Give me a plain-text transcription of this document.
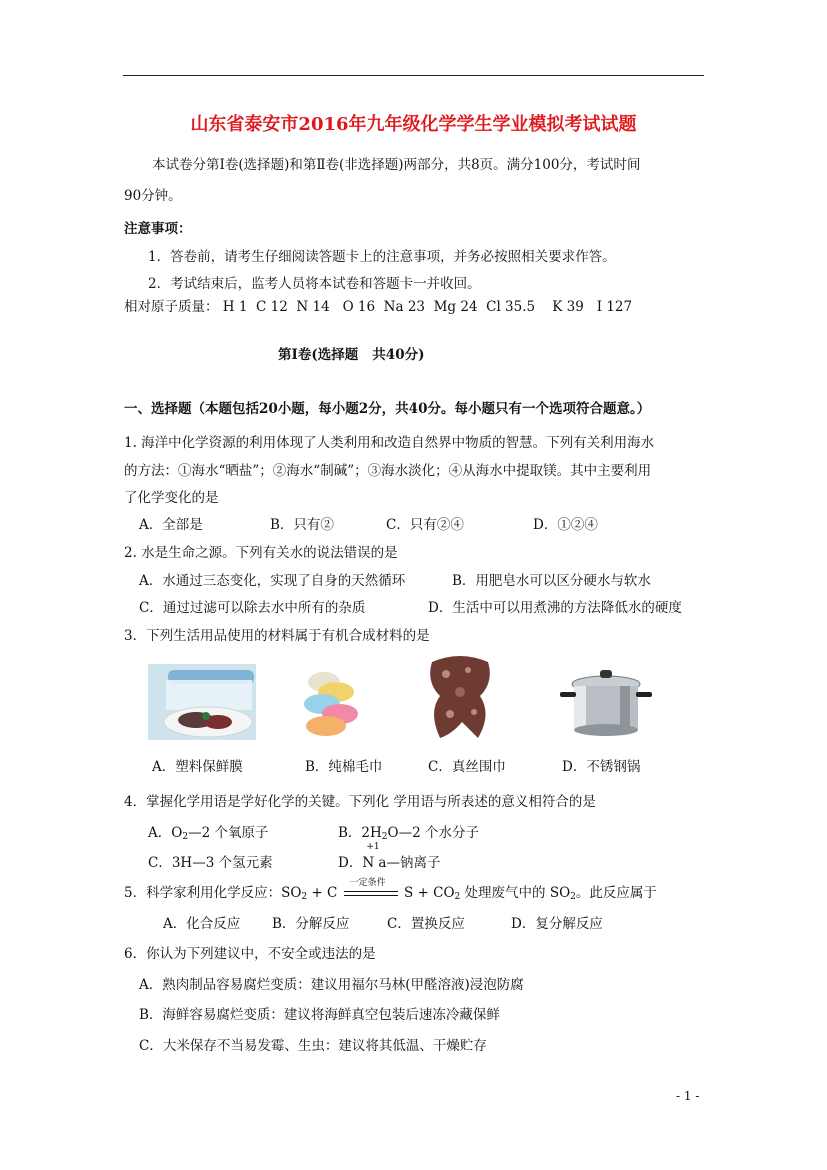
山东省泰安市2016年九年级化学学生学业模拟考试试题
本试卷分第Ⅰ卷(选择题)和第Ⅱ卷(非选择题)两部分，共8页。满分100分，考试时间
90分钟。
注意事项：
1．答卷前，请考生仔细阅读答题卡上的注意事项，并务必按照相关要求作答。
2．考试结束后，监考人员将本试卷和答题卡一并收回。
相对原子质量： H 1  C 12  N 14   O 16  Na 23  Mg 24  Cl 35.5    K 39   I 127
第Ⅰ卷(选择题   共40分)
一、选择题（本题包括20小题，每小题2分，共40分。每小题只有一个选项符合题意。）
1. 海洋中化学资源的利用体现了人类利用和改造自然界中物质的智慧。下列有关利用海水
的方法：①海水“晒盐”；②海水“制碱”；③海水淡化；④从海水中提取镁。其中主要利用
了化学变化的是
A．全部是	B．只有②	C．只有②④	D．①②④
2. 水是生命之源。下列有关水的说法错误的是
A．水通过三态变化，实现了自身的天然循环	B．用肥皂水可以区分硬水与软水
C．通过过滤可以除去水中所有的杂质	D．生活中可以用煮沸的方法降低水的硬度
3．下列生活用品使用的材料属于有机合成材料的是
A．塑料保鲜膜	B．纯棉毛巾	C．真丝围巾	D．不锈钢锅
4．掌握化学用语是学好化学的关键。下列化 学用语与所表述的意义相符合的是
A．$O_2—2$ 个氧原子	B．$2H_2O—2$ 个水分子
C．3H—3 个氢元素	D．
+1
N a—钠离子
5．科学家利用化学反应：$SO_2 + C$
一定条件
$S + CO_2$ 处理废气中的 $SO_2$。此反应属于
A．化合反应 B．分解反应	C．置换反应	D．复分解反应
6．你认为下列建议中，不安全或违法的是
A．熟肉制品容易腐烂变质：建议用福尔马林(甲醛溶液)浸泡防腐
B．海鲜容易腐烂变质：建议将海鲜真空包装后速冻冷藏保鲜
C．大米保存不当易发霉、生虫：建议将其低温、干燥贮存
- 1 -
